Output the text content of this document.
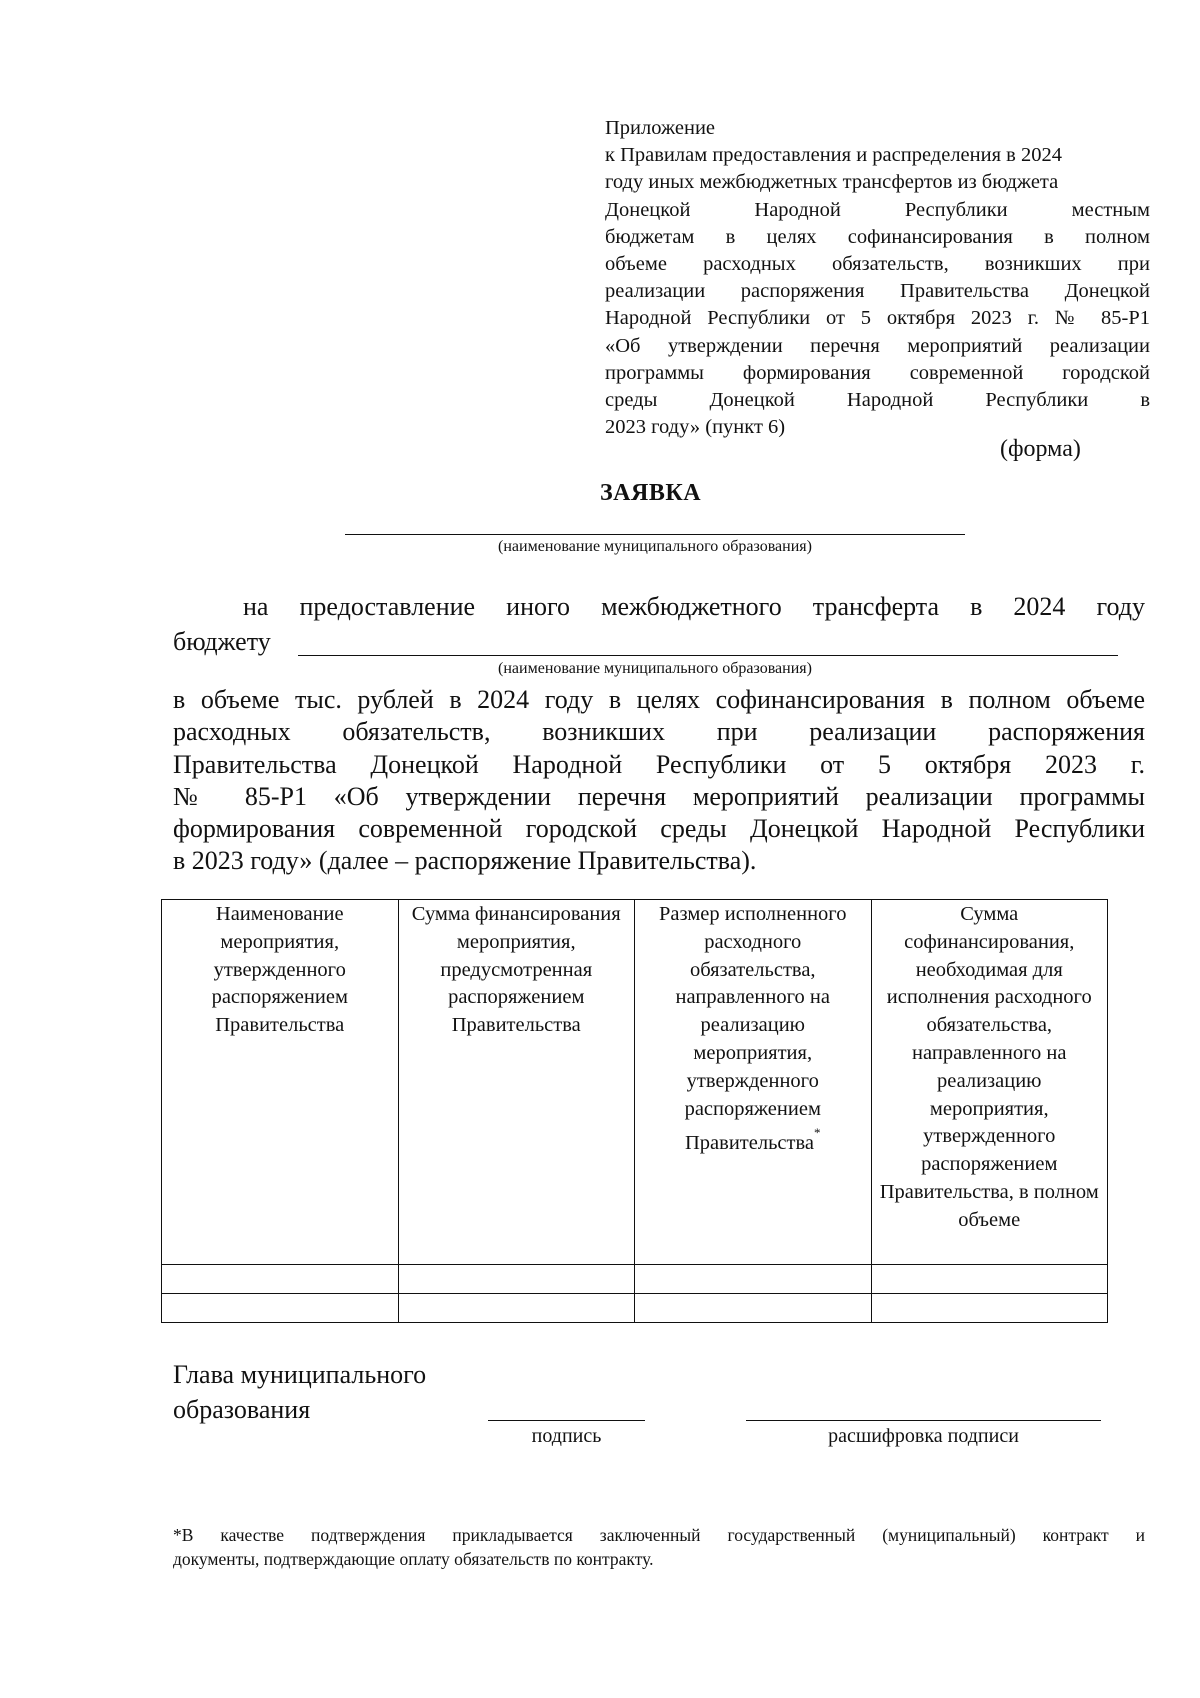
Приложение
к Правилам предоставления и распределения в 2024
году иных межбюджетных трансфертов из бюджета
Донецкой Народной Республики местным
бюджетам в целях софинансирования в полном
объеме расходных обязательств, возникших при
реализации распоряжения Правительства Донецкой
Народной Республики от 5 октября 2023 г. № 85-Р1
«Об утверждении перечня мероприятий реализации
программы формирования современной городской
среды Донецкой Народной Республики в
2023 году» (пункт 6)
(форма)
ЗАЯВКА
(наименование муниципального образования)
на предоставление иного межбюджетного трансферта в 2024 году
бюджету
(наименование муниципального образования)
в объеме тыс. рублей в 2024 году в целях софинансирования в полном объеме
расходных обязательств, возникших при реализации распоряжения
Правительства Донецкой Народной Республики от 5 октября 2023 г.
№ 85-Р1 «Об утверждении перечня мероприятий реализации программы
формирования современной городской среды Донецкой Народной Республики
в 2023 году» (далее – распоряжение Правительства).
Наименование мероприятия, утвержденного распоряжением Правительства	Сумма финансирования мероприятия, предусмотренная распоряжением Правительства	Размер исполненного расходного обязательства, направленного на реализацию мероприятия, утвержденного распоряжением Правительства*	Сумма софинансирования, необходимая для исполнения расходного обязательства, направленного на реализацию мероприятия, утвержденного распоряжением Правительства, в полном объеме

Глава муниципального
образования
подпись	расшифровка подписи
*В качестве подтверждения прикладывается заключенный государственный (муниципальный) контракт и
документы, подтверждающие оплату обязательств по контракту.
